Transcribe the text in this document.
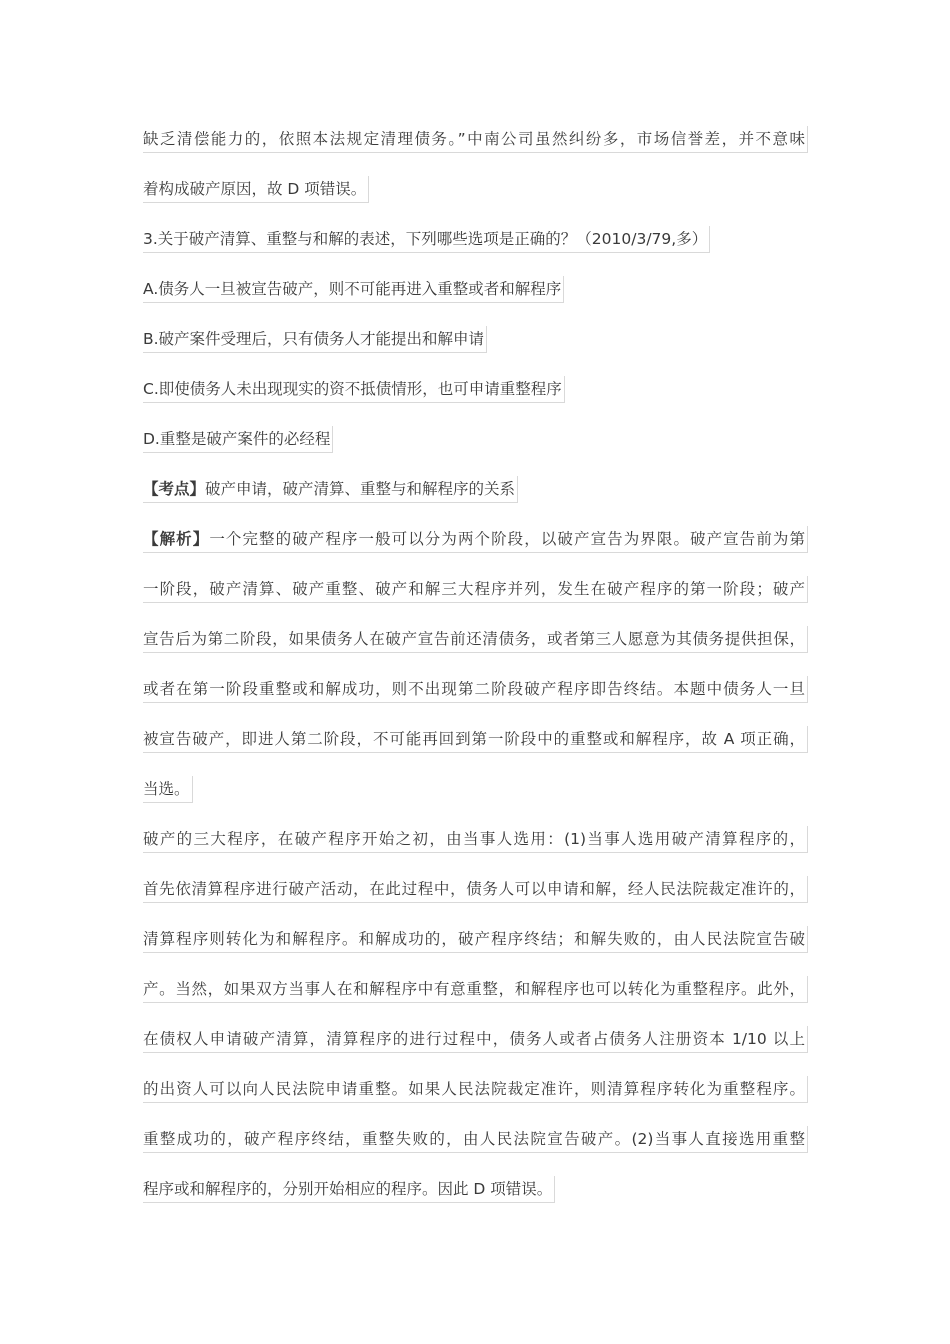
缺乏清偿能力的，依照本法规定清理债务。”中南公司虽然纠纷多，市场信誉差，并不意味
着构成破产原因，故 D 项错误。
3.关于破产清算、重整与和解的表述，下列哪些选项是正确的？（2010/3/79,多）
A.债务人一旦被宣告破产，则不可能再进入重整或者和解程序
B.破产案件受理后，只有债务人才能提出和解申请
C.即使债务人未出现现实的资不抵债情形，也可申请重整程序
D.重整是破产案件的必经程
【考点】破产申请，破产清算、重整与和解程序的关系
【解析】一个完整的破产程序一般可以分为两个阶段，以破产宣告为界限。破产宣告前为第
一阶段，破产清算、破产重整、破产和解三大程序并列，发生在破产程序的第一阶段；破产
宣告后为第二阶段，如果债务人在破产宣告前还清债务，或者第三人愿意为其债务提供担保，
或者在第一阶段重整或和解成功，则不出现第二阶段破产程序即告终结。本题中债务人一旦
被宣告破产，即进人第二阶段，不可能再回到第一阶段中的重整或和解程序，故 A 项正确，
当选。
破产的三大程序，在破产程序开始之初，由当事人选用：(1)当事人选用破产清算程序的，
首先依清算程序进行破产活动，在此过程中，债务人可以申请和解，经人民法院裁定准许的，
清算程序则转化为和解程序。和解成功的，破产程序终结；和解失败的，由人民法院宣告破
产。当然，如果双方当事人在和解程序中有意重整，和解程序也可以转化为重整程序。此外，
在债权人申请破产清算，清算程序的进行过程中，债务人或者占债务人注册资本 1/10 以上
的出资人可以向人民法院申请重整。如果人民法院裁定准许，则清算程序转化为重整程序。
重整成功的，破产程序终结，重整失败的，由人民法院宣告破产。(2)当事人直接选用重整
程序或和解程序的，分别开始相应的程序。因此 D 项错误。
